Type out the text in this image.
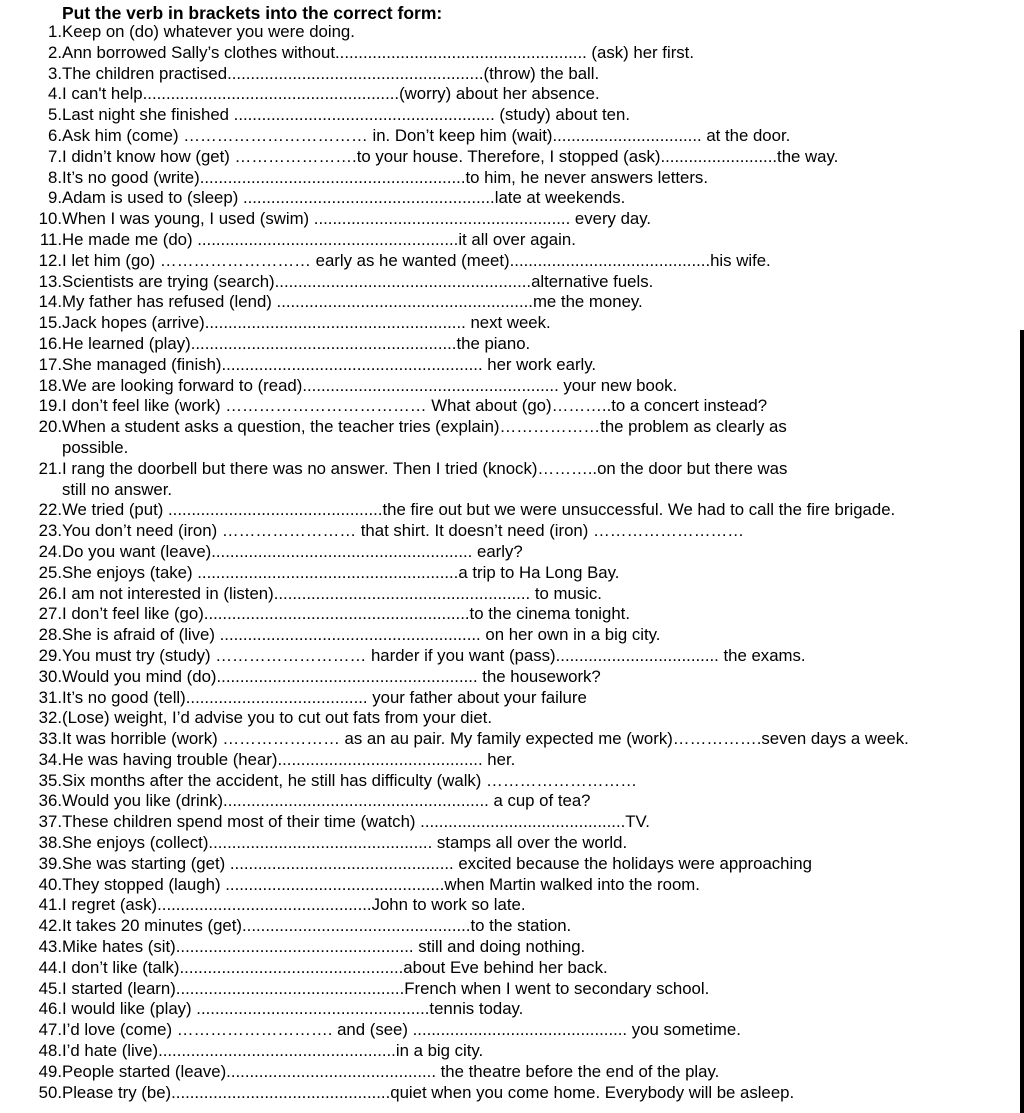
Put the verb in brackets into the correct form:
1. Keep on (do) whatever you were doing.
2. Ann borrowed Sally’s clothes without...................................................... (ask) her first.
3. The children practised.......................................................(throw) the ball.
4. I can't help.......................................................(worry) about her absence.
5. Last night she finished ........................................................ (study) about ten.
6. Ask him (come) …………………………… in. Don’t keep him (wait)................................ at the door.
7. I didn’t know how (get) ………………….to your house. Therefore, I stopped (ask).........................the way.
8. It’s no good (write).........................................................to him, he never answers letters.
9. Adam is used to (sleep) ......................................................late at weekends.
10. When I was young, I used (swim) ....................................................... every day.
11. He made me (do) ........................................................it all over again.
12. I let him (go) ……………………… early as he wanted (meet)...........................................his wife.
13. Scientists are trying (search).......................................................alternative fuels.
14. My father has refused (lend) .......................................................me the money.
15. Jack hopes (arrive)........................................................ next week.
16. He learned (play).........................................................the piano.
17. She managed (finish)........................................................ her work early.
18. We are looking forward to (read)....................................................... your new book.
19. I don’t feel like (work) ……………………………… What about (go)………..to a concert instead?
20. When a student asks a question, the teacher tries (explain)………………the problem as clearly as
possible.
21. I rang the doorbell but there was no answer. Then I tried (knock)………..on the door but there was
still no answer.
22. We tried (put) ..............................................the fire out but we were unsuccessful. We had to call the fire brigade.
23. You don’t need (iron) …………………… that shirt. It doesn’t need (iron) ………………………
24. Do you want (leave)........................................................ early?
25. She enjoys (take) ........................................................a trip to Ha Long Bay.
26. I am not interested in (listen)....................................................... to music.
27. I don’t feel like (go).........................................................to the cinema tonight.
28. She is afraid of (live) ........................................................ on her own in a big city.
29. You must try (study) ……………………… harder if you want (pass)................................... the exams.
30. Would you mind (do)........................................................ the housework?
31. It’s no good (tell)....................................... your father about your failure
32. (Lose) weight, I’d advise you to cut out fats from your diet.
33. It was horrible (work) ………………… as an au pair. My family expected me (work)…………….seven days a week.
34. He was having trouble (hear)............................................ her.
35. Six months after the accident, he still has difficulty (walk) ………………………
36. Would you like (drink)......................................................... a cup of tea?
37. These children spend most of their time (watch) ............................................TV.
38. She enjoys (collect)................................................ stamps all over the world.
39. She was starting (get) ................................................ excited because the holidays were approaching
40. They stopped (laugh) ...............................................when Martin walked into the room.
41. I regret (ask)..............................................John to work so late.
42. It takes 20 minutes (get).................................................to the station.
43. Mike hates (sit)................................................... still and doing nothing.
44. I don’t like (talk)................................................about Eve behind her back.
45. I started (learn).................................................French when I went to secondary school.
46. I would like (play) ..................................................tennis today.
47. I’d love (come) ………………………. and (see) .............................................. you sometime.
48. I’d hate (live)...................................................in a big city.
49. People started (leave)............................................. the theatre before the end of the play.
50. Please try (be)...............................................quiet when you come home. Everybody will be asleep.
